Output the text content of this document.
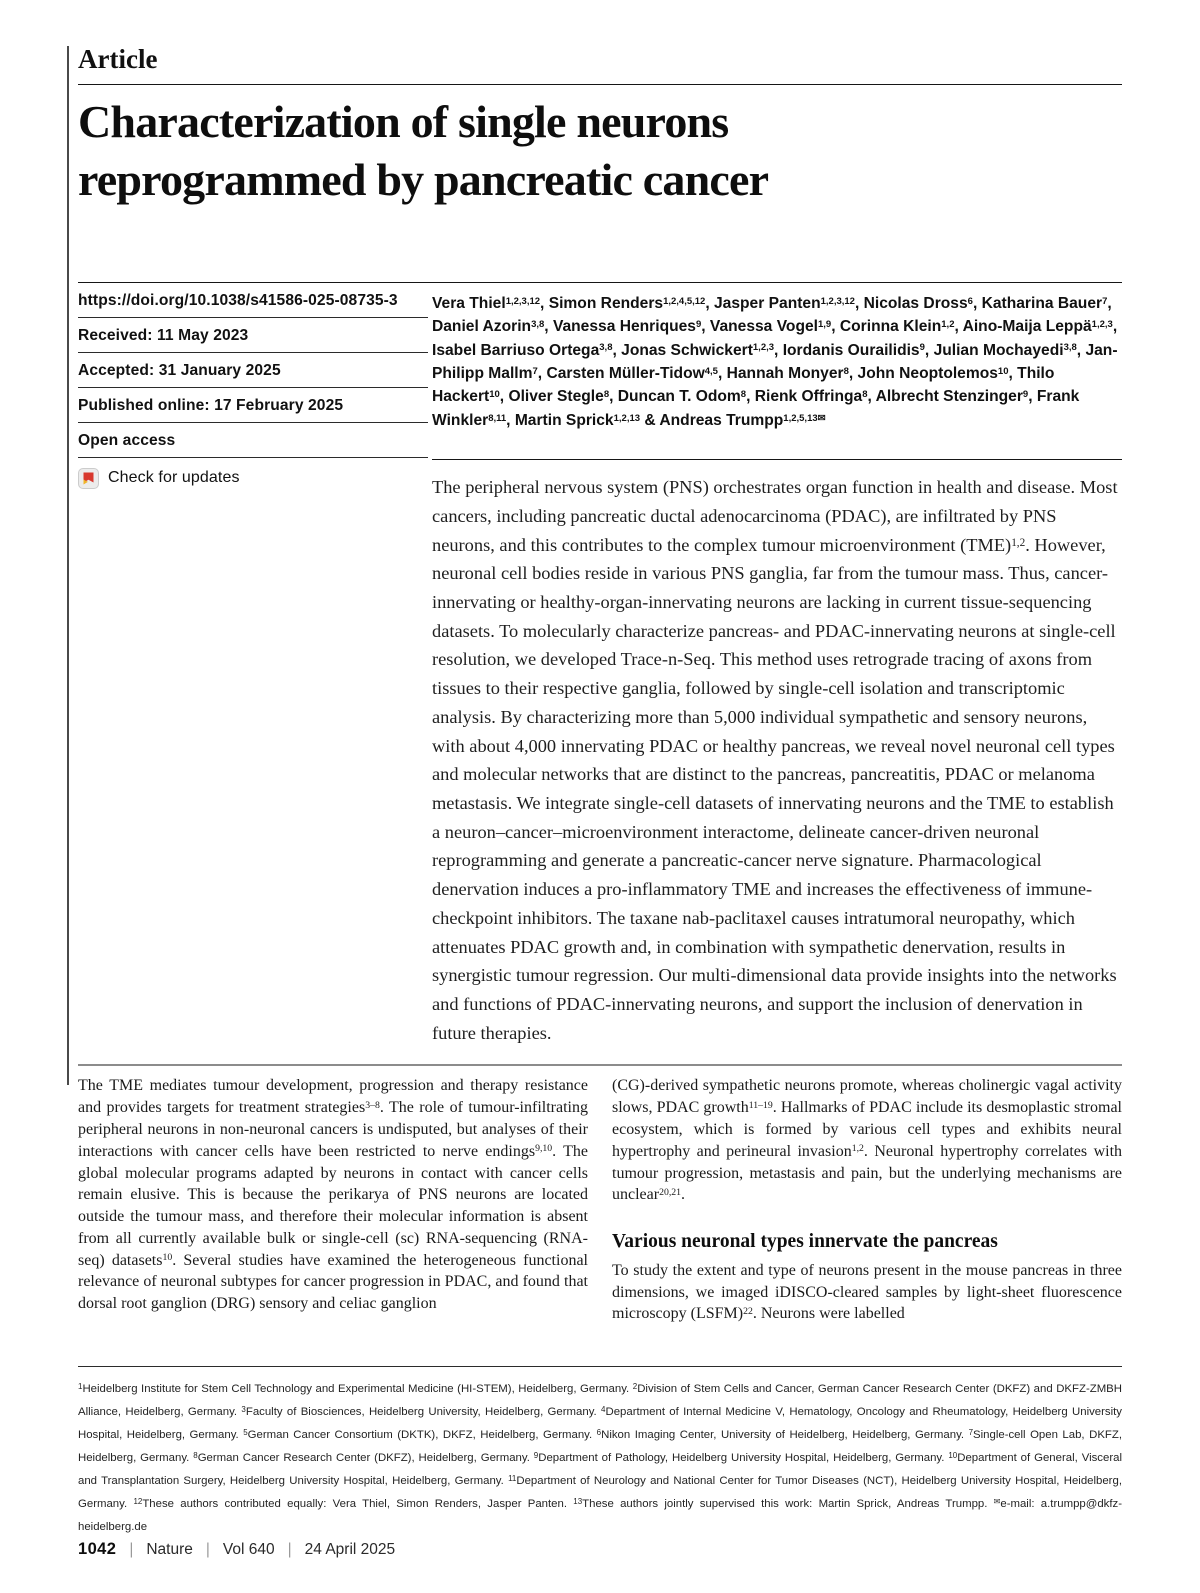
Article
Characterization of single neurons reprogrammed by pancreatic cancer
https://doi.org/10.1038/s41586-025-08735-3
Received: 11 May 2023
Accepted: 31 January 2025
Published online: 17 February 2025
Open access
Check for updates

Vera Thiel$^{1,2,3,12}$, Simon Renders$^{1,2,4,5,12}$, Jasper Panten$^{1,2,3,12}$, Nicolas Dross$^6$, Katharina Bauer$^7$, Daniel Azorin$^{3,8}$, Vanessa Henriques$^9$, Vanessa Vogel$^{1,9}$, Corinna Klein$^{1,2}$, Aino-Maija Leppä$^{1,2,3}$, Isabel Barriuso Ortega$^{3,8}$, Jonas Schwickert$^{1,2,3}$, Iordanis Ourailidis$^9$, Julian Mochayedi$^{3,8}$, Jan-Philipp Mallm$^7$, Carsten Müller-Tidow$^{4,5}$, Hannah Monyer$^8$, John Neoptolemos$^{10}$, Thilo Hackert$^{10}$, Oliver Stegle$^8$, Duncan T. Odom$^8$, Rienk Offringa$^8$, Albrecht Stenzinger$^9$, Frank Winkler$^{8,11}$, Martin Sprick$^{1,2,13}$ & Andreas Trumpp$^{1,2,5,13✉}$

The peripheral nervous system (PNS) orchestrates organ function in health and disease. Most cancers, including pancreatic ductal adenocarcinoma (PDAC), are infiltrated by PNS neurons, and this contributes to the complex tumour microenvironment (TME)$^{1,2}$. However, neuronal cell bodies reside in various PNS ganglia, far from the tumour mass. Thus, cancer-innervating or healthy-organ-innervating neurons are lacking in current tissue-sequencing datasets. To molecularly characterize pancreas- and PDAC-innervating neurons at single-cell resolution, we developed Trace-n-Seq. This method uses retrograde tracing of axons from tissues to their respective ganglia, followed by single-cell isolation and transcriptomic analysis. By characterizing more than 5,000 individual sympathetic and sensory neurons, with about 4,000 innervating PDAC or healthy pancreas, we reveal novel neuronal cell types and molecular networks that are distinct to the pancreas, pancreatitis, PDAC or melanoma metastasis. We integrate single-cell datasets of innervating neurons and the TME to establish a neuron–cancer–microenvironment interactome, delineate cancer-driven neuronal reprogramming and generate a pancreatic-cancer nerve signature. Pharmacological denervation induces a pro-inflammatory TME and increases the effectiveness of immune-checkpoint inhibitors. The taxane nab-paclitaxel causes intratumoral neuropathy, which attenuates PDAC growth and, in combination with sympathetic denervation, results in synergistic tumour regression. Our multi-dimensional data provide insights into the networks and functions of PDAC-innervating neurons, and support the inclusion of denervation in future therapies.

The TME mediates tumour development, progression and therapy resistance and provides targets for treatment strategies$^{3-8}$. The role of tumour-infiltrating peripheral neurons in non-neuronal cancers is undisputed, but analyses of their interactions with cancer cells have been restricted to nerve endings$^{9,10}$. The global molecular programs adapted by neurons in contact with cancer cells remain elusive. This is because the perikarya of PNS neurons are located outside the tumour mass, and therefore their molecular information is absent from all currently available bulk or single-cell (sc) RNA-sequencing (RNA-seq) datasets$^{10}$. Several studies have examined the heterogeneous functional relevance of neuronal subtypes for cancer progression in PDAC, and found that dorsal root ganglion (DRG) sensory and celiac ganglion

(CG)-derived sympathetic neurons promote, whereas cholinergic vagal activity slows, PDAC growth$^{11-19}$. Hallmarks of PDAC include its desmoplastic stromal ecosystem, which is formed by various cell types and exhibits neural hypertrophy and perineural invasion$^{1,2}$. Neuronal hypertrophy correlates with tumour progression, metastasis and pain, but the underlying mechanisms are unclear$^{20,21}$.

Various neuronal types innervate the pancreas

To study the extent and type of neurons present in the mouse pancreas in three dimensions, we imaged iDISCO-cleared samples by light-sheet fluorescence microscopy (LSFM)$^{22}$. Neurons were labelled

$^1$Heidelberg Institute for Stem Cell Technology and Experimental Medicine (HI-STEM), Heidelberg, Germany. $^2$Division of Stem Cells and Cancer, German Cancer Research Center (DKFZ) and DKFZ-ZMBH Alliance, Heidelberg, Germany. $^3$Faculty of Biosciences, Heidelberg University, Heidelberg, Germany. $^4$Department of Internal Medicine V, Hematology, Oncology and Rheumatology, Heidelberg University Hospital, Heidelberg, Germany. $^5$German Cancer Consortium (DKTK), DKFZ, Heidelberg, Germany. $^6$Nikon Imaging Center, University of Heidelberg, Heidelberg, Germany. $^7$Single-cell Open Lab, DKFZ, Heidelberg, Germany. $^8$German Cancer Research Center (DKFZ), Heidelberg, Germany. $^9$Department of Pathology, Heidelberg University Hospital, Heidelberg, Germany. $^{10}$Department of General, Visceral and Transplantation Surgery, Heidelberg University Hospital, Heidelberg, Germany. $^{11}$Department of Neurology and National Center for Tumor Diseases (NCT), Heidelberg University Hospital, Heidelberg, Germany. $^{12}$These authors contributed equally: Vera Thiel, Simon Renders, Jasper Panten. $^{13}$These authors jointly supervised this work: Martin Sprick, Andreas Trumpp. ✉e-mail: a.trumpp@dkfz-heidelberg.de
1042 | Nature | Vol 640 | 24 April 2025
